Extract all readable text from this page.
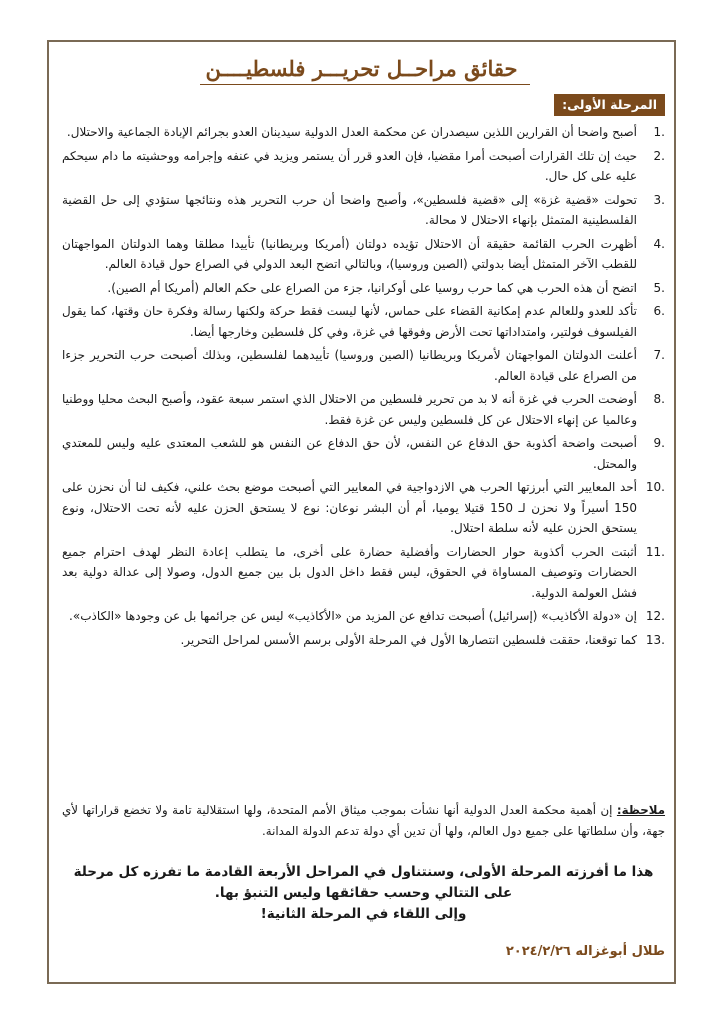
حقائق مراحــل تحريـــر فلسطيــــن
المرحلة الأولى:
1.
أصبح واضحا أن القرارين اللذين سيصدران عن محكمة العدل الدولية سيدينان العدو بجرائم الإبادة الجماعية والاحتلال.
2.
حيث إن تلك القرارات أصبحت أمرا مقضيا، فإن العدو قرر أن يستمر ويزيد في عنفه وإجرامه ووحشيته ما دام سيحكم عليه على كل حال.
3.
تحولت «قضية غزة» إلى «قضية فلسطين»، وأصبح واضحا أن حرب التحرير هذه ونتائجها ستؤدي إلى حل القضية الفلسطينية المتمثل بإنهاء الاحتلال لا محالة.
4.
أظهرت الحرب القائمة حقيقة أن الاحتلال تؤيده دولتان (أمريكا وبريطانيا) تأييدا مطلقا وهما الدولتان المواجهتان للقطب الآخر المتمثل أيضا بدولتي (الصين وروسيا)، وبالتالي اتضح البعد الدولي في الصراع حول قيادة العالم.
5.
اتضح أن هذه الحرب هي كما حرب روسيا على أوكرانيا، جزء من الصراع على حكم العالم (أمريكا أم الصين).
6.
تأكد للعدو وللعالم عدم إمكانية القضاء على حماس، لأنها ليست فقط حركة ولكنها رسالة وفكرة حان وقتها، كما يقول الفيلسوف فولتير، وامتداداتها تحت الأرض وفوقها في غزة، وفي كل فلسطين وخارجها أيضا.
7.
أعلنت الدولتان المواجهتان لأمريكا وبريطانيا (الصين وروسيا) تأييدهما لفلسطين، وبذلك أصبحت حرب التحرير جزءا من الصراع على قيادة العالم.
8.
أوضحت الحرب في غزة أنه لا بد من تحرير فلسطين من الاحتلال الذي استمر سبعة عقود، وأصبح البحث محليا ووطنيا وعالميا عن إنهاء الاحتلال عن كل فلسطين وليس عن غزة فقط.
9.
أصبحت واضحة أكذوبة حق الدفاع عن النفس، لأن حق الدفاع عن النفس هو للشعب المعتدى عليه وليس للمعتدي والمحتل.
10.
أحد المعايير التي أبرزتها الحرب هي الازدواجية في المعايير التي أصبحت موضع بحث علني، فكيف لنا أن نحزن على 150 أسيراً ولا نحزن لـ 150 قتيلا يوميا، أم أن البشر نوعان: نوع لا يستحق الحزن عليه لأنه تحت الاحتلال، ونوع يستحق الحزن عليه لأنه سلطة احتلال.
11.
أثبتت الحرب أكذوبة حوار الحضارات وأفضلية حضارة على أخرى، ما يتطلب إعادة النظر لهدف احترام جميع الحضارات وتوصيف المساواة في الحقوق، ليس فقط داخل الدول بل بين جميع الدول، وصولا إلى عدالة دولية بعد فشل العولمة الدولية.
12.
إن «دولة الأكاذيب» (إسرائيل) أصبحت تدافع عن المزيد من «الأكاذيب» ليس عن جرائمها بل عن وجودها «الكاذب».
13.
كما توقعنا، حققت فلسطين انتصارها الأول في المرحلة الأولى برسم الأسس لمراحل التحرير.
ملاحظة: إن أهمية محكمة العدل الدولية أنها نشأت بموجب ميثاق الأمم المتحدة، ولها استقلالية تامة ولا تخضع قراراتها لأي جهة، وأن سلطاتها على جميع دول العالم، ولها أن تدين أي دولة تدعم الدولة المدانة.
هذا ما أفرزته المرحلة الأولى، وسنتناول في المراحل الأربعة القادمة ما تفرزه كل مرحلة
على التتالي وحسب حقائقها وليس التنبؤ بها.
وإلى اللقاء في المرحلة الثانية!
طلال أبوغزاله ٢٠٢٤/٢/٢٦
